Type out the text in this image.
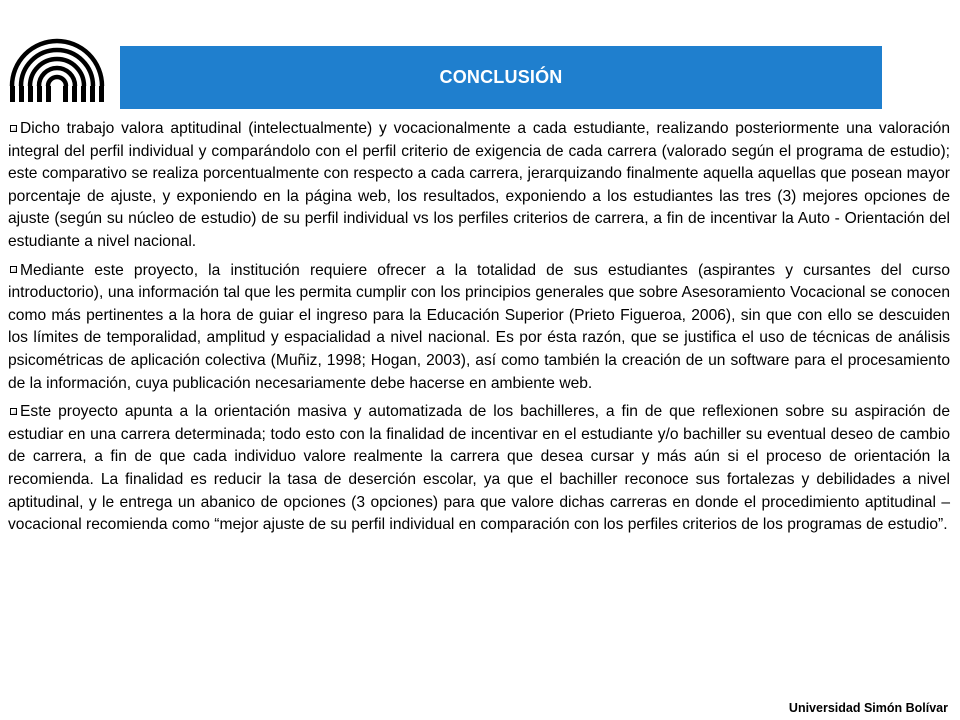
CONCLUSIÓN

Dicho trabajo valora aptitudinal (intelectualmente) y vocacionalmente a cada estudiante, realizando posteriormente una valoración integral del perfil individual y comparándolo con el perfil criterio de exigencia de cada carrera (valorado según el programa de estudio); este comparativo se realiza porcentualmente con respecto a cada carrera, jerarquizando finalmente aquella aquellas que posean mayor porcentaje de ajuste, y exponiendo en la página web, los resultados, exponiendo a los estudiantes las tres (3) mejores opciones de ajuste (según su núcleo de estudio) de su perfil individual vs los perfiles criterios de carrera, a fin de incentivar la Auto - Orientación del estudiante a nivel nacional.

Mediante este proyecto, la institución requiere ofrecer a la totalidad de sus estudiantes (aspirantes y cursantes del curso introductorio), una información tal que les permita cumplir con los principios generales que sobre Asesoramiento Vocacional se conocen como más pertinentes a la hora de guiar el ingreso para la Educación Superior (Prieto Figueroa, 2006), sin que con ello se descuiden los límites de temporalidad, amplitud y espacialidad a nivel nacional. Es por ésta razón, que se justifica el uso de técnicas de análisis psicométricas de aplicación colectiva (Muñiz, 1998; Hogan, 2003), así como también la creación de un software para el procesamiento de la información, cuya publicación necesariamente debe hacerse en ambiente web.

Este proyecto apunta a la orientación masiva y automatizada de los bachilleres, a fin de que reflexionen sobre su aspiración de estudiar en una carrera determinada; todo esto con la finalidad de incentivar en el estudiante y/o bachiller su eventual deseo de cambio de carrera, a fin de que cada individuo valore realmente la carrera que desea cursar y más aún si el proceso de orientación la recomienda. La finalidad es reducir la tasa de deserción escolar, ya que el bachiller reconoce sus fortalezas y debilidades a nivel aptitudinal, y le entrega un abanico de opciones (3 opciones) para que valore dichas carreras en donde el procedimiento aptitudinal – vocacional recomienda como “mejor ajuste de su perfil individual en comparación con los perfiles criterios de los programas de estudio”.

Universidad Simón Bolívar
